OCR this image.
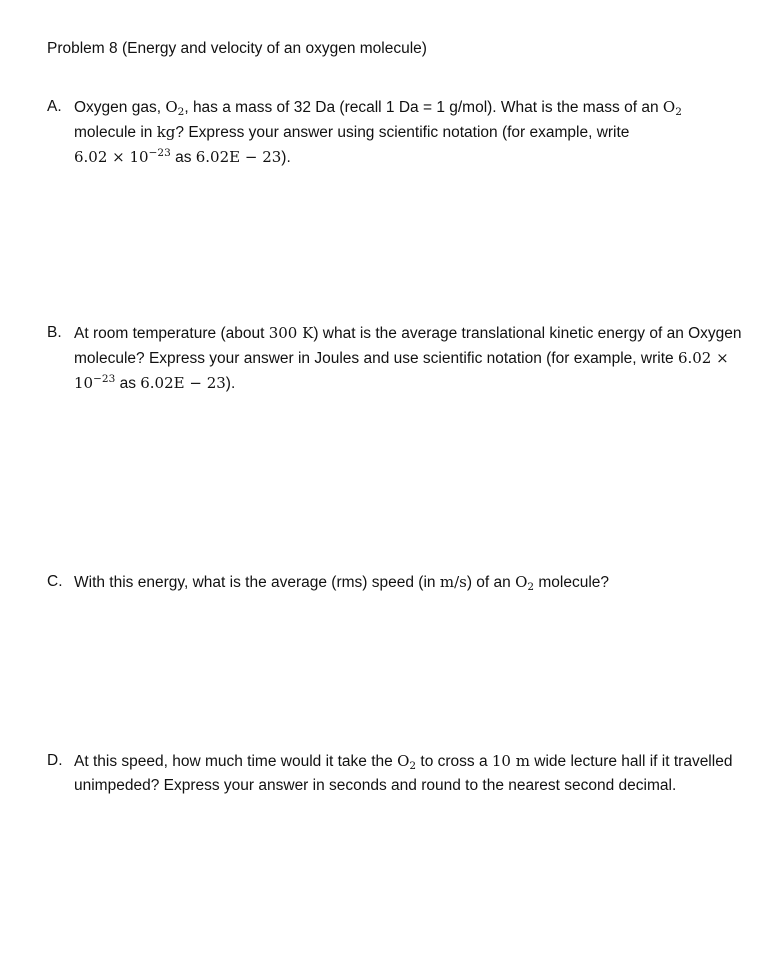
Problem 8 (Energy and velocity of an oxygen molecule)
A. Oxygen gas, $O_2$, has a mass of 32 Da (recall 1 Da = 1 g/mol). What is the mass of an $O_2$ molecule in kg? Express your answer using scientific notation (for example, write
$6.02 \times 10^{-23}$ as 6.02E − 23).
B. At room temperature (about 300 K) what is the average translational kinetic energy of an Oxygen molecule? Express your answer in Joules and use scientific notation (for example, write $6.02 \times 10^{-23}$ as 6.02E − 23).
C. With this energy, what is the average (rms) speed (in m/s) of an $O_2$ molecule?
D. At this speed, how much time would it take the $O_2$ to cross a 10 m wide lecture hall if it travelled unimpeded? Express your answer in seconds and round to the nearest second decimal.
